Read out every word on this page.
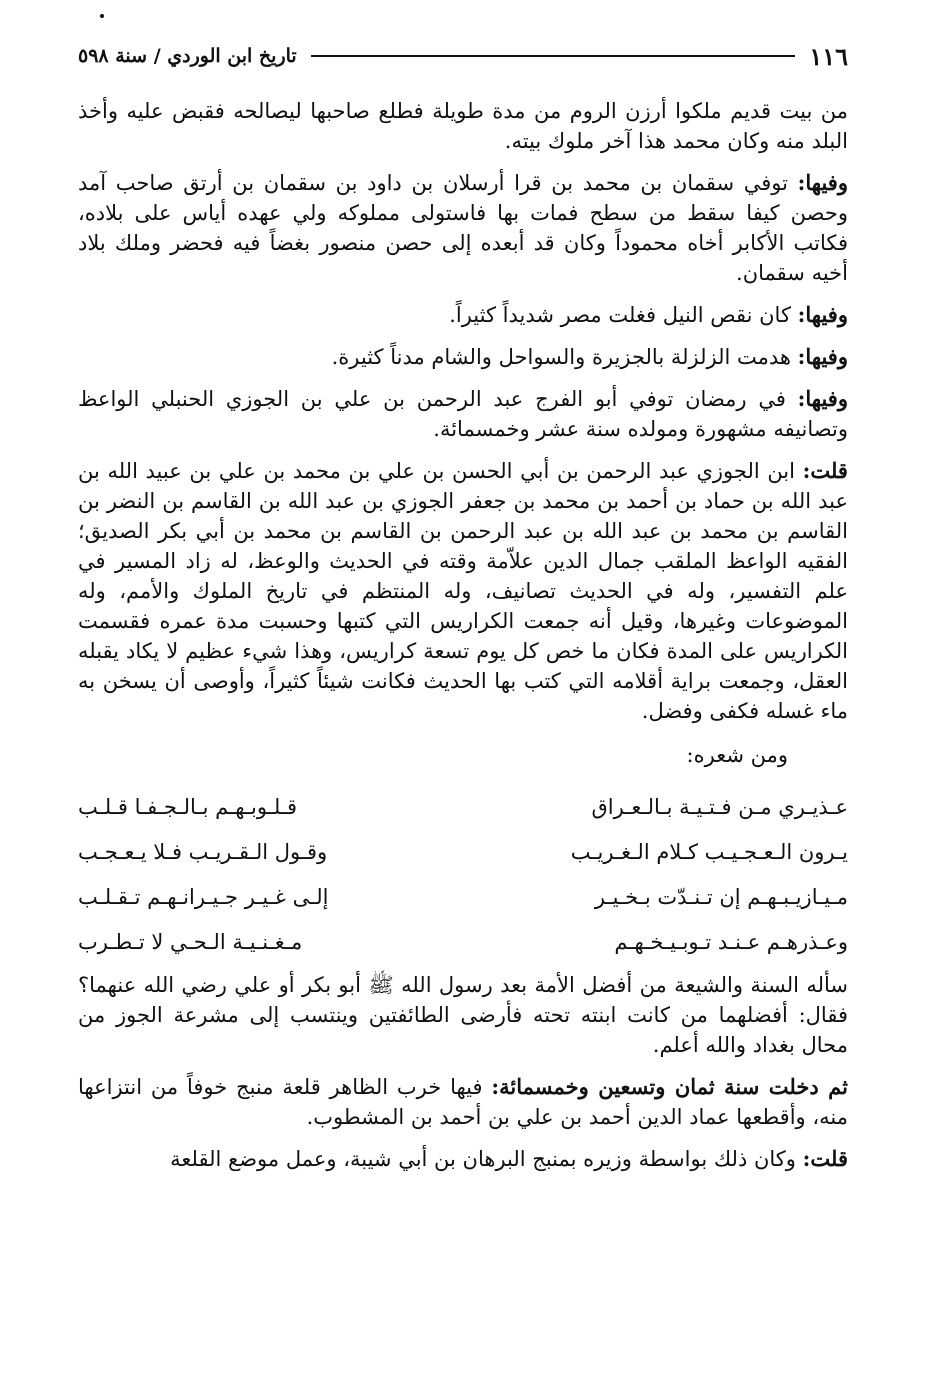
١١٦
تاريخ ابن الوردي / سنة ٥٩٨

من بيت قديم ملكوا أرزن الروم من مدة طويلة فطلع صاحبها ليصالحه فقبض عليه وأخذ البلد منه وكان محمد هذا آخر ملوك بيته.

وفيها: توفي سقمان بن محمد بن قرا أرسلان بن داود بن سقمان بن أرتق صاحب آمد وحصن كيفا سقط من سطح فمات بها فاستولى مملوكه ولي عهده أياس على بلاده، فكاتب الأكابر أخاه محموداً وكان قد أبعده إلى حصن منصور بغضاً فيه فحضر وملك بلاد أخيه سقمان.

وفيها: كان نقص النيل فغلت مصر شديداً كثيراً.

وفيها: هدمت الزلزلة بالجزيرة والسواحل والشام مدناً كثيرة.

وفيها: في رمضان توفي أبو الفرج عبد الرحمن بن علي بن الجوزي الحنبلي الواعظ وتصانيفه مشهورة ومولده سنة عشر وخمسمائة.

قلت: ابن الجوزي عبد الرحمن بن أبي الحسن بن علي بن محمد بن علي بن عبيد الله بن عبد الله بن حماد بن أحمد بن محمد بن جعفر الجوزي بن عبد الله بن القاسم بن النضر بن القاسم بن محمد بن عبد الله بن عبد الرحمن بن القاسم بن محمد بن أبي بكر الصديق؛ الفقيه الواعظ الملقب جمال الدين علاّمة وقته في الحديث والوعظ، له زاد المسير في علم التفسير، وله في الحديث تصانيف، وله المنتظم في تاريخ الملوك والأمم، وله الموضوعات وغيرها، وقيل أنه جمعت الكراريس التي كتبها وحسبت مدة عمره فقسمت الكراريس على المدة فكان ما خص كل يوم تسعة كراريس، وهذا شيء عظيم لا يكاد يقبله العقل، وجمعت براية أقلامه التي كتب بها الحديث فكانت شيئاً كثيراً، وأوصى أن يسخن به ماء غسله فكفى وفضل.

ومن شعره:

عـذيـري مـن فـتـيـة بـالـعـراق
قـلـوبـهـم بـالـجـفـا قـلـب
يـرون الـعـجـيـب كـلام الـغـريـب
وقـول الـقـريـب فـلا يـعـجـب
مـيـازيـبـهـم إن تـنـدّت بـخـيـر
إلـى غـيـر جـيـرانـهـم تـقـلـب
وعـذرهـم عـنـد تـوبـيـخـهـم
مـغـنـيـة الـحـي لا تـطـرب

سأله السنة والشيعة من أفضل الأمة بعد رسول الله ﷺ أبو بكر أو علي رضي الله عنهما؟ فقال: أفضلهما من كانت ابنته تحته فأرضى الطائفتين وينتسب إلى مشرعة الجوز من محال بغداد والله أعلم.

ثم دخلت سنة ثمان وتسعين وخمسمائة: فيها خرب الظاهر قلعة منبج خوفاً من انتزاعها منه، وأقطعها عماد الدين أحمد بن علي بن أحمد بن المشطوب.

قلت: وكان ذلك بواسطة وزيره بمنبج البرهان بن أبي شيبة، وعمل موضع القلعة
